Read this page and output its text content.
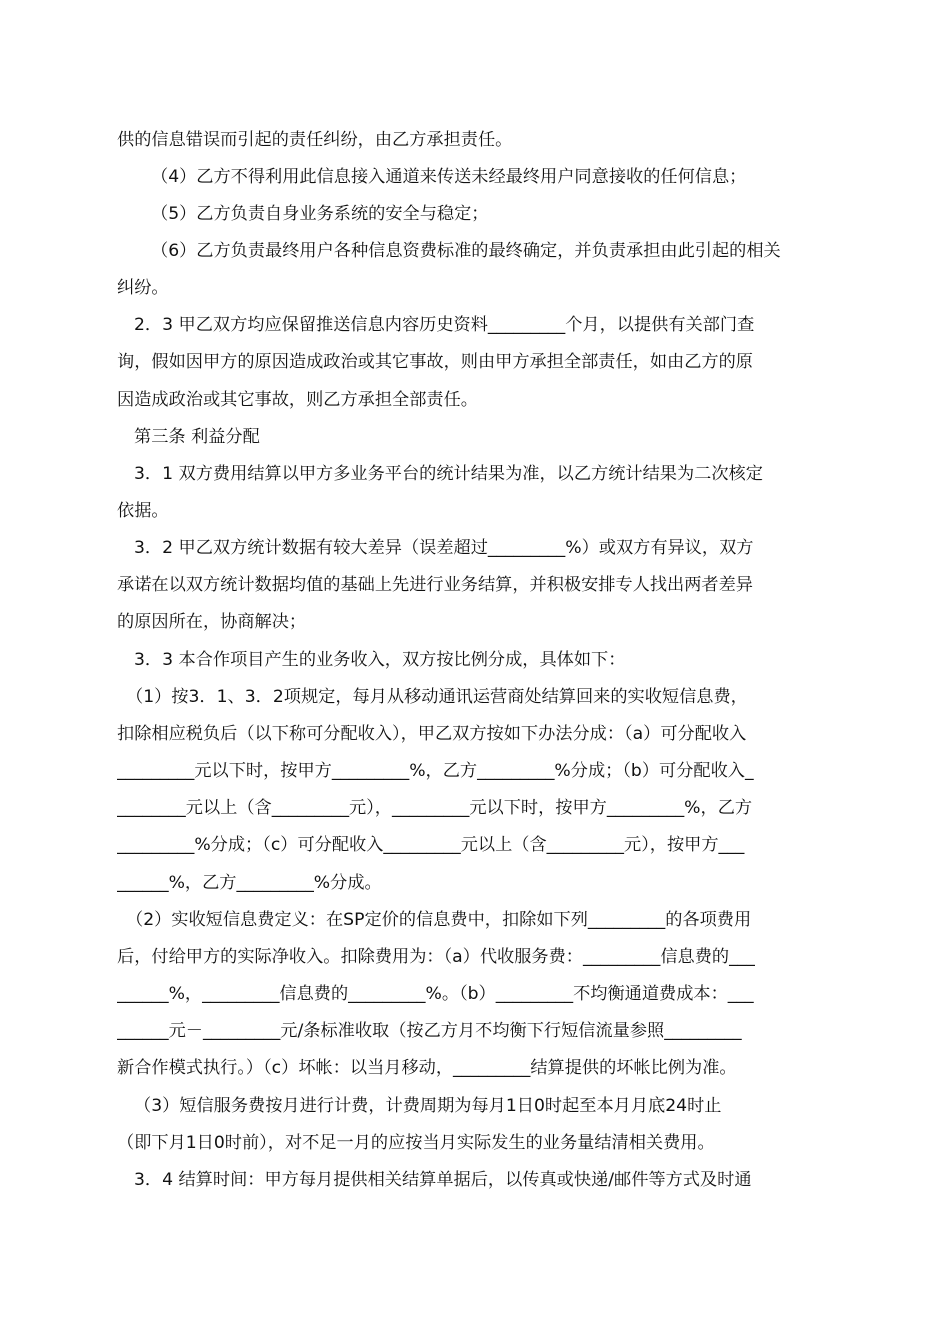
供的信息错误而引起的责任纠纷，由乙方承担责任。
（4）乙方不得利用此信息接入通道来传送未经最终用户同意接收的任何信息；
（5）乙方负责自身业务系统的安全与稳定；
（6）乙方负责最终用户各种信息资费标准的最终确定，并负责承担由此引起的相关
纠纷。
2．3 甲乙双方均应保留推送信息内容历史资料_________个月，以提供有关部门查
询，假如因甲方的原因造成政治或其它事故，则由甲方承担全部责任，如由乙方的原
因造成政治或其它事故，则乙方承担全部责任。
第三条 利益分配
3．1 双方费用结算以甲方多业务平台的统计结果为准，以乙方统计结果为二次核定
依据。
3．2 甲乙双方统计数据有较大差异（误差超过_________%）或双方有异议，双方
承诺在以双方统计数据均值的基础上先进行业务结算，并积极安排专人找出两者差异
的原因所在，协商解决；
3．3 本合作项目产生的业务收入，双方按比例分成，具体如下：
（1）按3．1、3．2项规定，每月从移动通讯运营商处结算回来的实收短信息费，
扣除相应税负后（以下称可分配收入），甲乙双方按如下办法分成：（a）可分配收入
_________元以下时，按甲方_________%，乙方_________%分成；（b）可分配收入_
________元以上（含_________元），_________元以下时，按甲方_________%，乙方
_________%分成；（c）可分配收入_________元以上（含_________元），按甲方___
______%，乙方_________%分成。
（2）实收短信息费定义：在SP定价的信息费中，扣除如下列_________的各项费用
后，付给甲方的实际净收入。扣除费用为：（a）代收服务费：_________信息费的___
______%，_________信息费的_________%。（b）_________不均衡通道费成本：___
______元－_________元/条标准收取（按乙方月不均衡下行短信流量参照_________
新合作模式执行。）（c）坏帐：以当月移动，_________结算提供的坏帐比例为准。
（3）短信服务费按月进行计费，计费周期为每月1日0时起至本月月底24时止
（即下月1日0时前），对不足一月的应按当月实际发生的业务量结清相关费用。
3．4 结算时间：甲方每月提供相关结算单据后，以传真或快递/邮件等方式及时通
